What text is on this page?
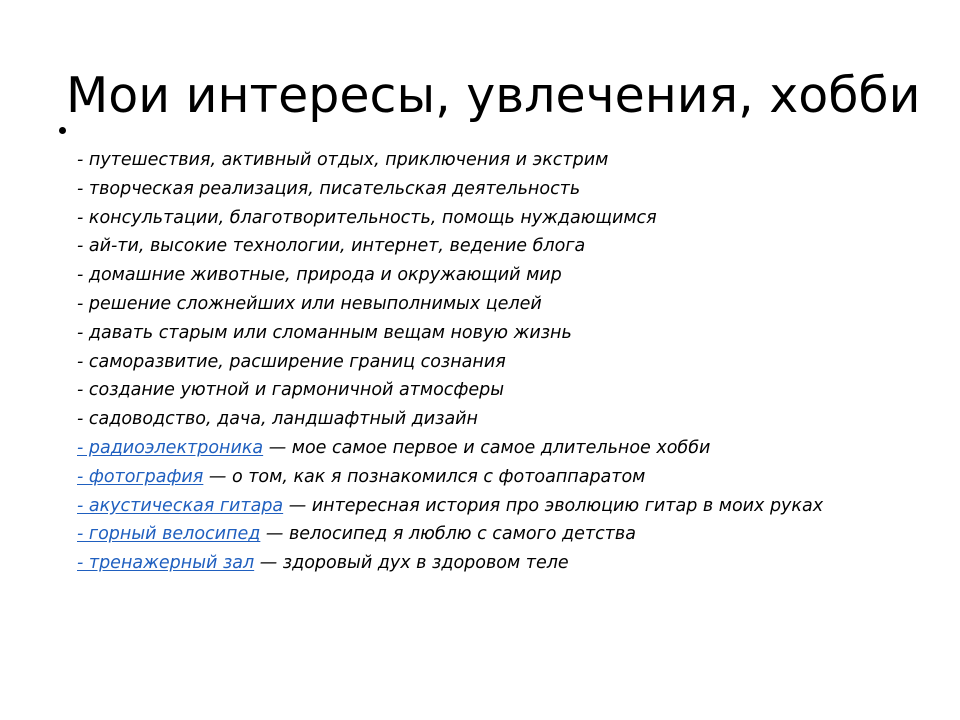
Мои интересы, увлечения, хобби
- путешествия, активный отдых, приключения и экстрим
- творческая реализация, писательская деятельность
- консультации, благотворительность, помощь нуждающимся
- ай-ти, высокие технологии, интернет, ведение блога
- домашние животные, природа и окружающий мир
- решение сложнейших или невыполнимых целей
- давать старым или сломанным вещам новую жизнь
- саморазвитие, расширение границ сознания
- создание уютной и гармоничной атмосферы
- садоводство, дача, ландшафтный дизайн
- радиоэлектроника — мое самое первое и самое длительное хобби
- фотография — о том, как я познакомился с фотоаппаратом
- акустическая гитара — интересная история про эволюцию гитар в моих руках
- горный велосипед — велосипед я люблю с самого детства
- тренажерный зал — здоровый дух в здоровом теле
